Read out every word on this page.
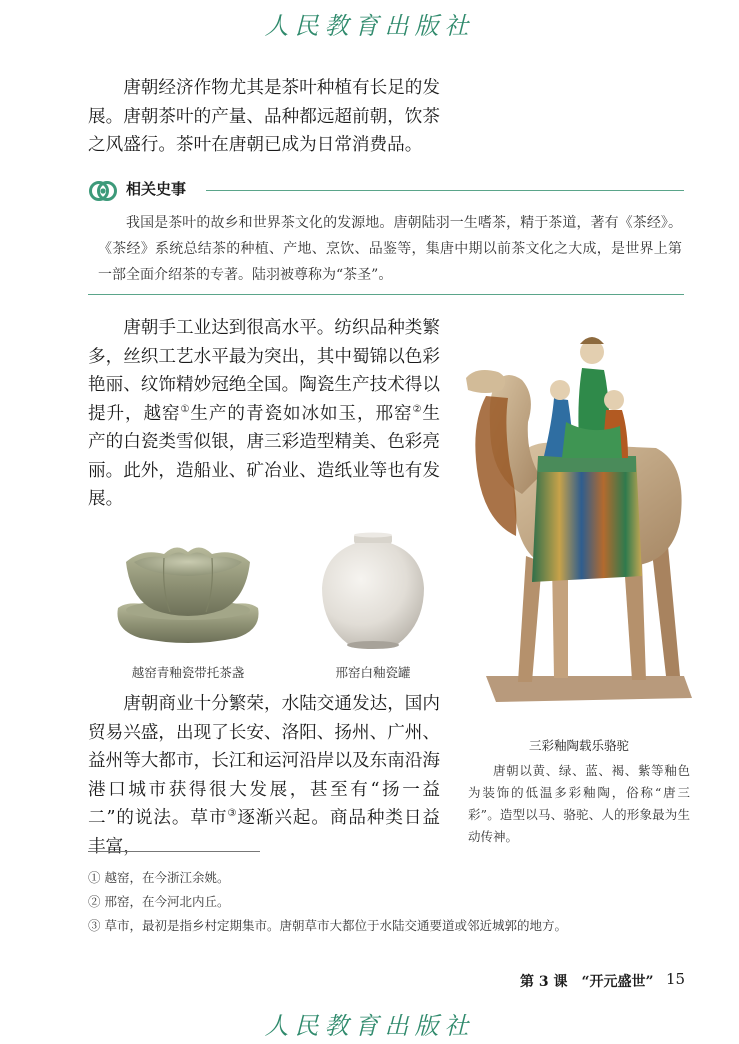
人民教育出版社

唐朝经济作物尤其是茶叶种植有长足的发展。唐朝茶叶的产量、品种都远超前朝，饮茶之风盛行。茶叶在唐朝已成为日常消费品。

相关史事

我国是茶叶的故乡和世界茶文化的发源地。唐朝陆羽一生嗜茶，精于茶道，著有《茶经》。《茶经》系统总结茶的种植、产地、烹饮、品鉴等，集唐中期以前茶文化之大成，是世界上第一部全面介绍茶的专著。陆羽被尊称为“茶圣”。

唐朝手工业达到很高水平。纺织品种类繁多，丝织工艺水平最为突出，其中蜀锦以色彩艳丽、纹饰精妙冠绝全国。陶瓷生产技术得以提升，越窑①生产的青瓷如冰如玉，邢窑②生产的白瓷类雪似银，唐三彩造型精美、色彩亮丽。此外，造船业、矿冶业、造纸业等也有发展。

越窑青釉瓷带托茶盏	邢窑白釉瓷罐
三彩釉陶载乐骆驼

唐朝以黄、绿、蓝、褐、紫等釉色为装饰的低温多彩釉陶，俗称“唐三彩”。造型以马、骆驼、人的形象最为生动传神。

唐朝商业十分繁荣，水陆交通发达，国内贸易兴盛，出现了长安、洛阳、扬州、广州、益州等大都市，长江和运河沿岸以及东南沿海港口城市获得很大发展，甚至有“扬一益二”的说法。草市③逐渐兴起。商品种类日益丰富，

① 越窑，在今浙江余姚。

② 邢窑，在今河北内丘。

③ 草市，最初是指乡村定期集市。唐朝草市大都位于水陆交通要道或邻近城郭的地方。

第 3 课　“开元盛世” 15
人民教育出版社
